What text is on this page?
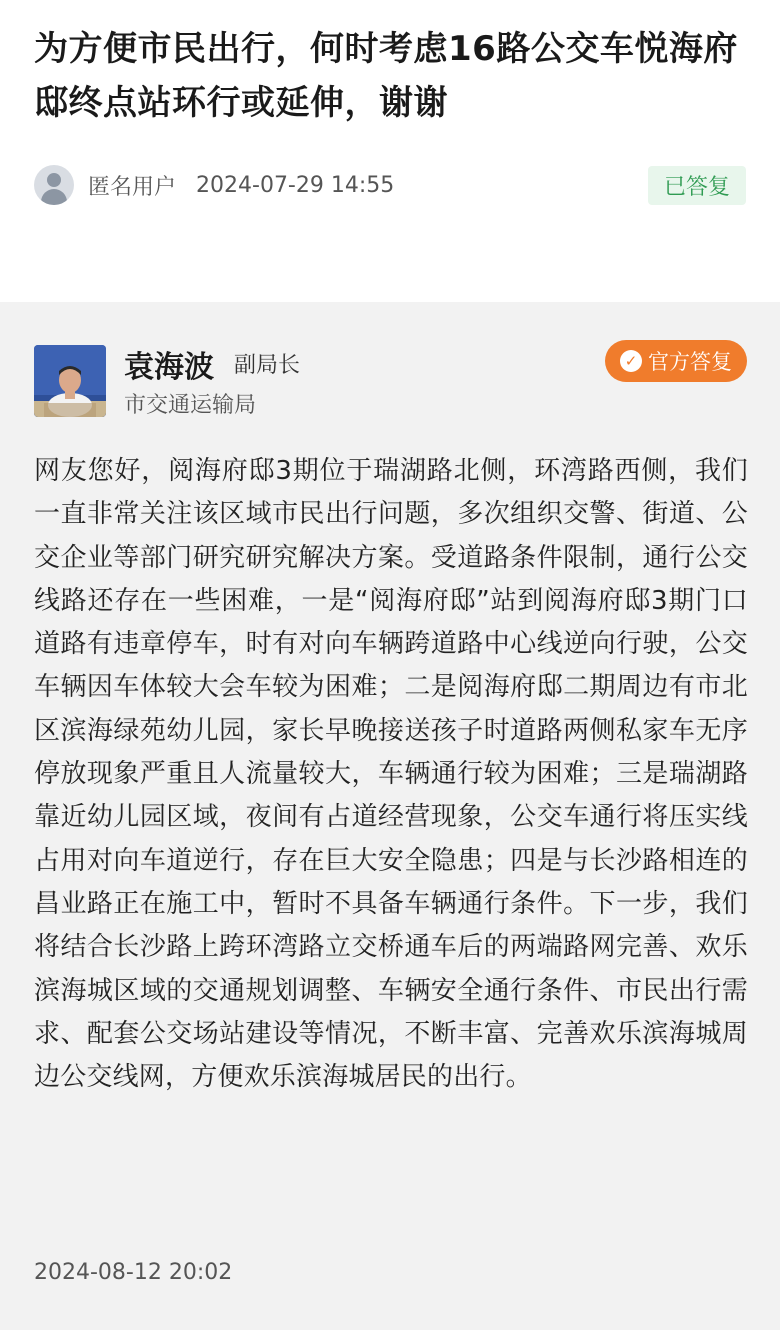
为方便市民出行，何时考虑16路公交车悦海府邸终点站环行或延伸，谢谢
匿名用户 2024-07-29 14:55	已答复
袁海波 副局长
市交通运输局
✓ 官方答复

网友您好，阅海府邸3期位于瑞湖路北侧，环湾路西侧，我们一直非常关注该区域市民出行问题，多次组织交警、街道、公交企业等部门研究研究解决方案。受道路条件限制，通行公交线路还存在一些困难，一是“阅海府邸”站到阅海府邸3期门口道路有违章停车，时有对向车辆跨道路中心线逆向行驶，公交车辆因车体较大会车较为困难；二是阅海府邸二期周边有市北区滨海绿苑幼儿园，家长早晚接送孩子时道路两侧私家车无序停放现象严重且人流量较大，车辆通行较为困难；三是瑞湖路靠近幼儿园区域，夜间有占道经营现象，公交车通行将压实线占用对向车道逆行，存在巨大安全隐患；四是与长沙路相连的昌业路正在施工中，暂时不具备车辆通行条件。下一步，我们将结合长沙路上跨环湾路立交桥通车后的两端路网完善、欢乐滨海城区域的交通规划调整、车辆安全通行条件、市民出行需求、配套公交场站建设等情况，不断丰富、完善欢乐滨海城周边公交线网，方便欢乐滨海城居民的出行。

2024-08-12 20:02
